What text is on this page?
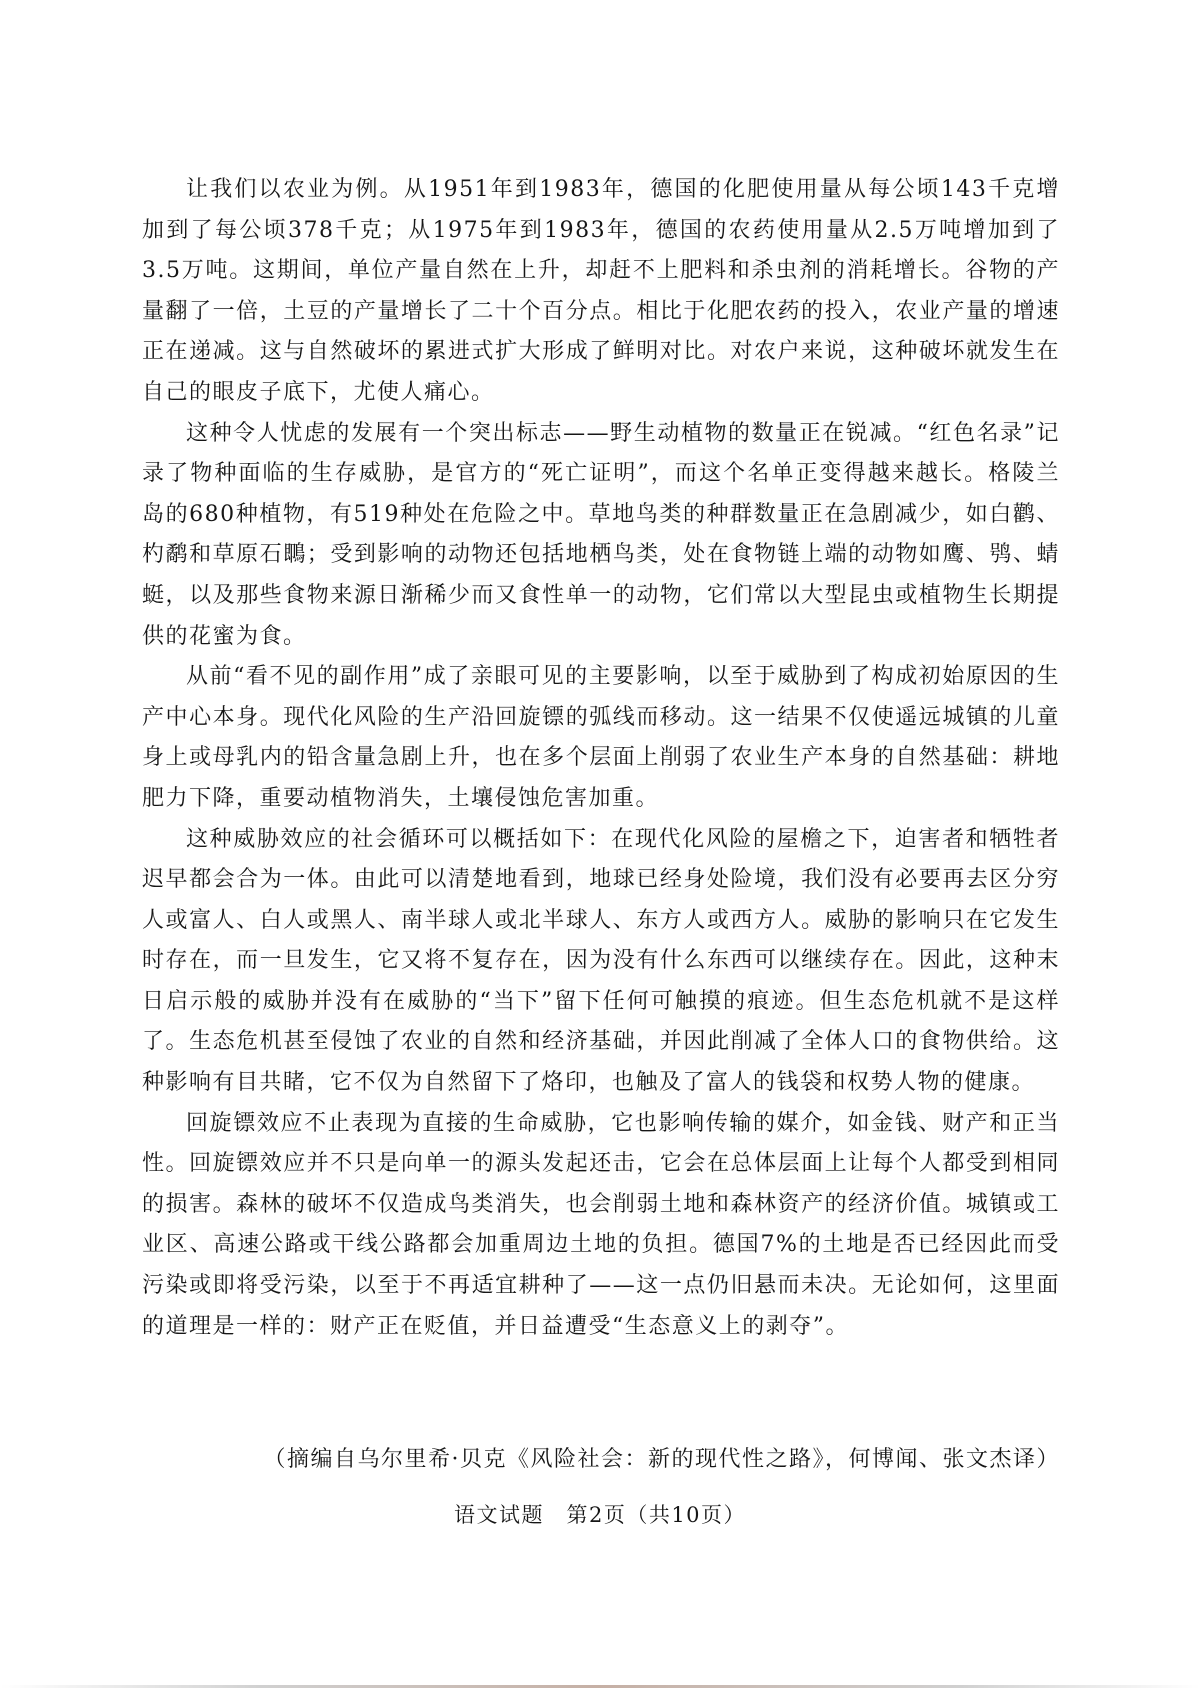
让我们以农业为例。从1951年到1983年，德国的化肥使用量从每公顷143千克增加到了每公顷378千克；从1975年到1983年，德国的农药使用量从2.5万吨增加到了3.5万吨。这期间，单位产量自然在上升，却赶不上肥料和杀虫剂的消耗增长。谷物的产量翻了一倍，土豆的产量增长了二十个百分点。相比于化肥农药的投入，农业产量的增速正在递减。这与自然破坏的累进式扩大形成了鲜明对比。对农户来说，这种破坏就发生在自己的眼皮子底下，尤使人痛心。

这种令人忧虑的发展有一个突出标志——野生动植物的数量正在锐减。“红色名录”记录了物种面临的生存威胁，是官方的“死亡证明”，而这个名单正变得越来越长。格陵兰岛的680种植物，有519种处在危险之中。草地鸟类的种群数量正在急剧减少，如白鹳、杓鹬和草原石䳭；受到影响的动物还包括地栖鸟类，处在食物链上端的动物如鹰、鸮、蜻蜓，以及那些食物来源日渐稀少而又食性单一的动物，它们常以大型昆虫或植物生长期提供的花蜜为食。

从前“看不见的副作用”成了亲眼可见的主要影响，以至于威胁到了构成初始原因的生产中心本身。现代化风险的生产沿回旋镖的弧线而移动。这一结果不仅使遥远城镇的儿童身上或母乳内的铅含量急剧上升，也在多个层面上削弱了农业生产本身的自然基础：耕地肥力下降，重要动植物消失，土壤侵蚀危害加重。

这种威胁效应的社会循环可以概括如下：在现代化风险的屋檐之下，迫害者和牺牲者迟早都会合为一体。由此可以清楚地看到，地球已经身处险境，我们没有必要再去区分穷人或富人、白人或黑人、南半球人或北半球人、东方人或西方人。威胁的影响只在它发生时存在，而一旦发生，它又将不复存在，因为没有什么东西可以继续存在。因此，这种末日启示般的威胁并没有在威胁的“当下”留下任何可触摸的痕迹。但生态危机就不是这样了。生态危机甚至侵蚀了农业的自然和经济基础，并因此削减了全体人口的食物供给。这种影响有目共睹，它不仅为自然留下了烙印，也触及了富人的钱袋和权势人物的健康。

回旋镖效应不止表现为直接的生命威胁，它也影响传输的媒介，如金钱、财产和正当性。回旋镖效应并不只是向单一的源头发起还击，它会在总体层面上让每个人都受到相同的损害。森林的破坏不仅造成鸟类消失，也会削弱土地和森林资产的经济价值。城镇或工业区、高速公路或干线公路都会加重周边土地的负担。德国7%的土地是否已经因此而受污染或即将受污染，以至于不再适宜耕种了——这一点仍旧悬而未决。无论如何，这里面的道理是一样的：财产正在贬值，并日益遭受“生态意义上的剥夺”。

（摘编自乌尔里希·贝克《风险社会：新的现代性之路》，何博闻、张文杰译）
语文试题　第2页（共10页）
